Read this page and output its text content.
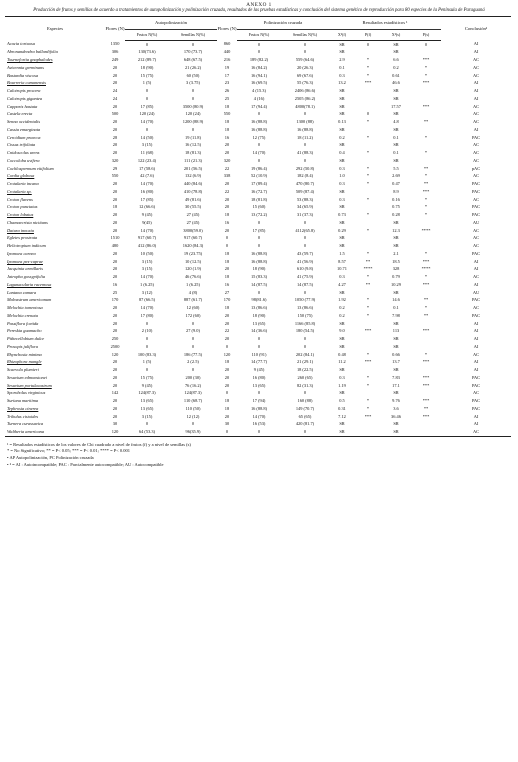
ANEXO 1
Producción de frutos y semillas de acuerdo a tratamientos de autopolinización y polinización cruzada, resultados de las pruebas estadísticas y conclusión del sistema genético de reproducción para 80 especies de la Península de Paraguaná
Especies	Flores (N)	Autopolinización		Flores (N)	Polinización cruzada		Resultados estadísticos ¹				Conclusión²
		Frutos N(%)	Semillas N(%)		Frutos N(%)	Semillas N(%)	X²(f)	P(f)	X²(s)	P(s)	
Acacia tortuosa	1350	0	0	860	0	0	SR	0	SR	0	AI
Abronandendra ballardifolia	306	130(73.6)	170 (73.7)	440	0	0	SR		SR		AI
Tournefortia gnaphalodes	249	212 (89.7)	648 (67.5)	216	189 (82.2)	559 (64.6)	2.9	*	6.6	***	AC
Avicennia germinans	20	18 (90)	21 (26.2)	19	16 (84.2)	20 (26.3)	0.1	*	0.2	*	AC
Bastardia viscosa	20	15 (75)	60 (50)	17	16 (94.1)	69 (67.6)	0.3	*	0.61	*	AC
Bourreria cumanensis	20	1 (5)	3 (3.75)	23	16 (69.5)	55 (76.3)	13.2	***	46.6	***	AI
Calotropis procera	24	0	0	26	4 (15.3)	2406 (86.6)	SR		SR		AI
Calotropis gigantea	24	0	0	25	4 (16)	2505 (86.2)	SR		SR		AI
Capparis hastata	20	17 (85)	3500 (80.9)	18	17 (94.4)	4800(78.1)	SR		17.57	***	AC
Castela erecta	500	120 (24)	120 (24)	550	0	0	SR	0	SR		AC
Senna occidentalis	20	14 (70)	1200 (88.9)	18	16 (88.8)	1300 (88)	0.13	*	4.8	**	AC
Cassia emarginata	20	0	0	18	16 (88.8)	16 (88.8)	SR		SR		AI
Cercidium praecox	28	14 (50)	19 (11.8)	16	12 (75)	18 (11.2)	0.2	*	0.1	*	PAC
Cissus trifoliata	20	3 (15)	16 (12.5)	20	0	0	SR		SR		AC
Cnidoscolus urens	20	11 (68)	18 (81.3)	20	14 (70)	41 (88.3)	0.4	*	0.1	*	AC
Coccoloba uvifera	320	122 (23.4)	111 (21.3)	320	0	0	SR		SR		AC
Cochlospermum vitifolium	29	17 (58.6)	201 (56.5)	22	19 (86.4)	292 (50.8)	0.3	*	5.5	**	pAC
Cordia globosa	550	42 (7.6)	132 (6.9)	338	52 (10.9)	182 (8.4)	1.0	*	2.69	*	AC
Crotalaria incana	20	14 (70)	440 (84.6)	20	17 (89.4)	470 (80.7)	0.3	*	0.47	**	PAC
Crotalaria sp.	20	16 (80)	410 (78.8)	22	16 (72.7)	509 (87.4)	SR		8.9	***	PAC
Croton flavens	20	17 (85)	49 (81.6)	20	18 (81.8)	53 (88.3)	0.3	*	0.16	*	AC
Croton punctatus	18	12 (66.6)	30 (55.5)	20	15 (60)	34 (65.9)	SR		0.75	*	PAC
Croton lobatus	20	9 (45)	27 (45)	18	13 (72.2)	31 (37.3)	0.73	*	0.28	*	PAC
Chamaecrista nictitans	20	9(45)	27 (45)	16	0	0	SR		SR		AU
Datura innoxia	20	14 (70)	3800(59.0)	20	17 (85)	4112(65.8)	0.29	*	12.3	****	AC
Egletes prostrata	1510	917 (60.7)	917 (60.7)	0	0	0	SR		SR		AC
Heliotropium indicum	480	412 (86.0)	1620 (84.3)	0	0	0	SR		SR		AC
Ipomoea carnea	20	10 (50)	19 (23.75)	18	16 (88.8)	43 (59.7)	1.5	*	2.1	*	PAC
Ipomoea pes-caprae	20	3 (15)	10 (12.5)	18	16 (88.8)	41 (56.9)	8.57	**	18.5	***	AI
Jacquinia armillaris	20	3 (15)	120 (1.9)	20	18 (90)	610 (9.8)	10.71	****	328	****	AI
Jatropha gossypifolia	20	14 (70)	46 (76.6)	18	15 (83.3)	41 (75.9)	0.3	*	0.79	*	AC
Lagunacularia racemosa	16	1 (6.25)	1 (6.25)	16	14 (87.5)	14 (87.5)	4.27	**	10.29	***	AI
Lantana camara	25	3 (12)	4 (8)	27	0	0	SR		SR		AU
Malvastrum americanum	170	87 (66.5)	887 (61.7)	170	98(81.6)	1050 (77.9)	1.92	*	14.6	**	PAC
Melochia tomentosa	20	14 (70)	12 (60)	18	13 (86.6)	13 (86.6)	0.2	*	0.1	*	AC
Melochia crenata	20	17 (80)	172 (60)	20	18 (90)	150 (75)	0.2	*	7.98	**	PAC
Passiflora foetida	20	0	0	20	13 (65)	1166 (85.8)	SR		SR		AI
Pereskia guamacho	20	2 (10)	27 (9.0)	22	14 (36.6)	180 (54.5)	9.0	***	113	***	AI
Pithecellobium dulce	250	0	0	20	0	0	SR		SR		AI
Prosopis juliflora	2500	0	0	0	0	0	SR		SR		AI
Rhynchosia minima	120	100 (83.3)	186 (77.5)	120	110 (91)	202 (84.1)	0.48	*	0.66	*	AC
Rhizophora mangle	20	1 (5)	2 (2.5)	18	14 (77.7)	21 (29.1)	11.2	***	13.7	***	AI
Scaevola plumieri	20	0	0	20	9 (45)	18 (22.5)	SR		SR		AI
Sesuvium edmonstonei	20	15 (75)	200 (30)	20	16 (80)	260 (65)	0.3	*	7.83	***	PAC
Sesuvium portulacastrum	20	9 (45)	76 (16.2)	20	13 (65)	82 (31.3)	1.19	*	17.1	***	PAC
Sporobolus virginicus	142	124(87.3)	124(87.3)	0	0	0	SR		SR		AC
Suriana maritima	20	13 (65)	110 (68.7)	18	17 (94)	160 (88)	0.5	*	9.76	***	PAC
Tephrosia cinerea	20	13 (65)	110 (50)	18	16 (88.8)	149 (70.7)	0.31	*	3.6	**	PAC
Tribulus cistoides	20	3 (15)	12 (12)	20	14 (70)	65 (65)	7.12	***	36.46	***	AI
Turnera curassavica	30	0	0	30	16 (53)	420 (81.7)	SR		SR		AI
Waltheria americana	120	64 (53.3)	96(35.9)	0	0	0	SR		SR		AC
¹ = Resultados estadísticos de los valores de Chi cuadrado a nivel de frutos (f) y a nivel de semillas (s)
* = No Significativo; ** = P< 0.05; *** = P< 0.01; **** = P< 0.001
• AP Autopolinización, PC Polinización cruzada
• ² = AI : Autoincompatible; PAC : Parcialmente autocompatible; AU : Autocompatible
